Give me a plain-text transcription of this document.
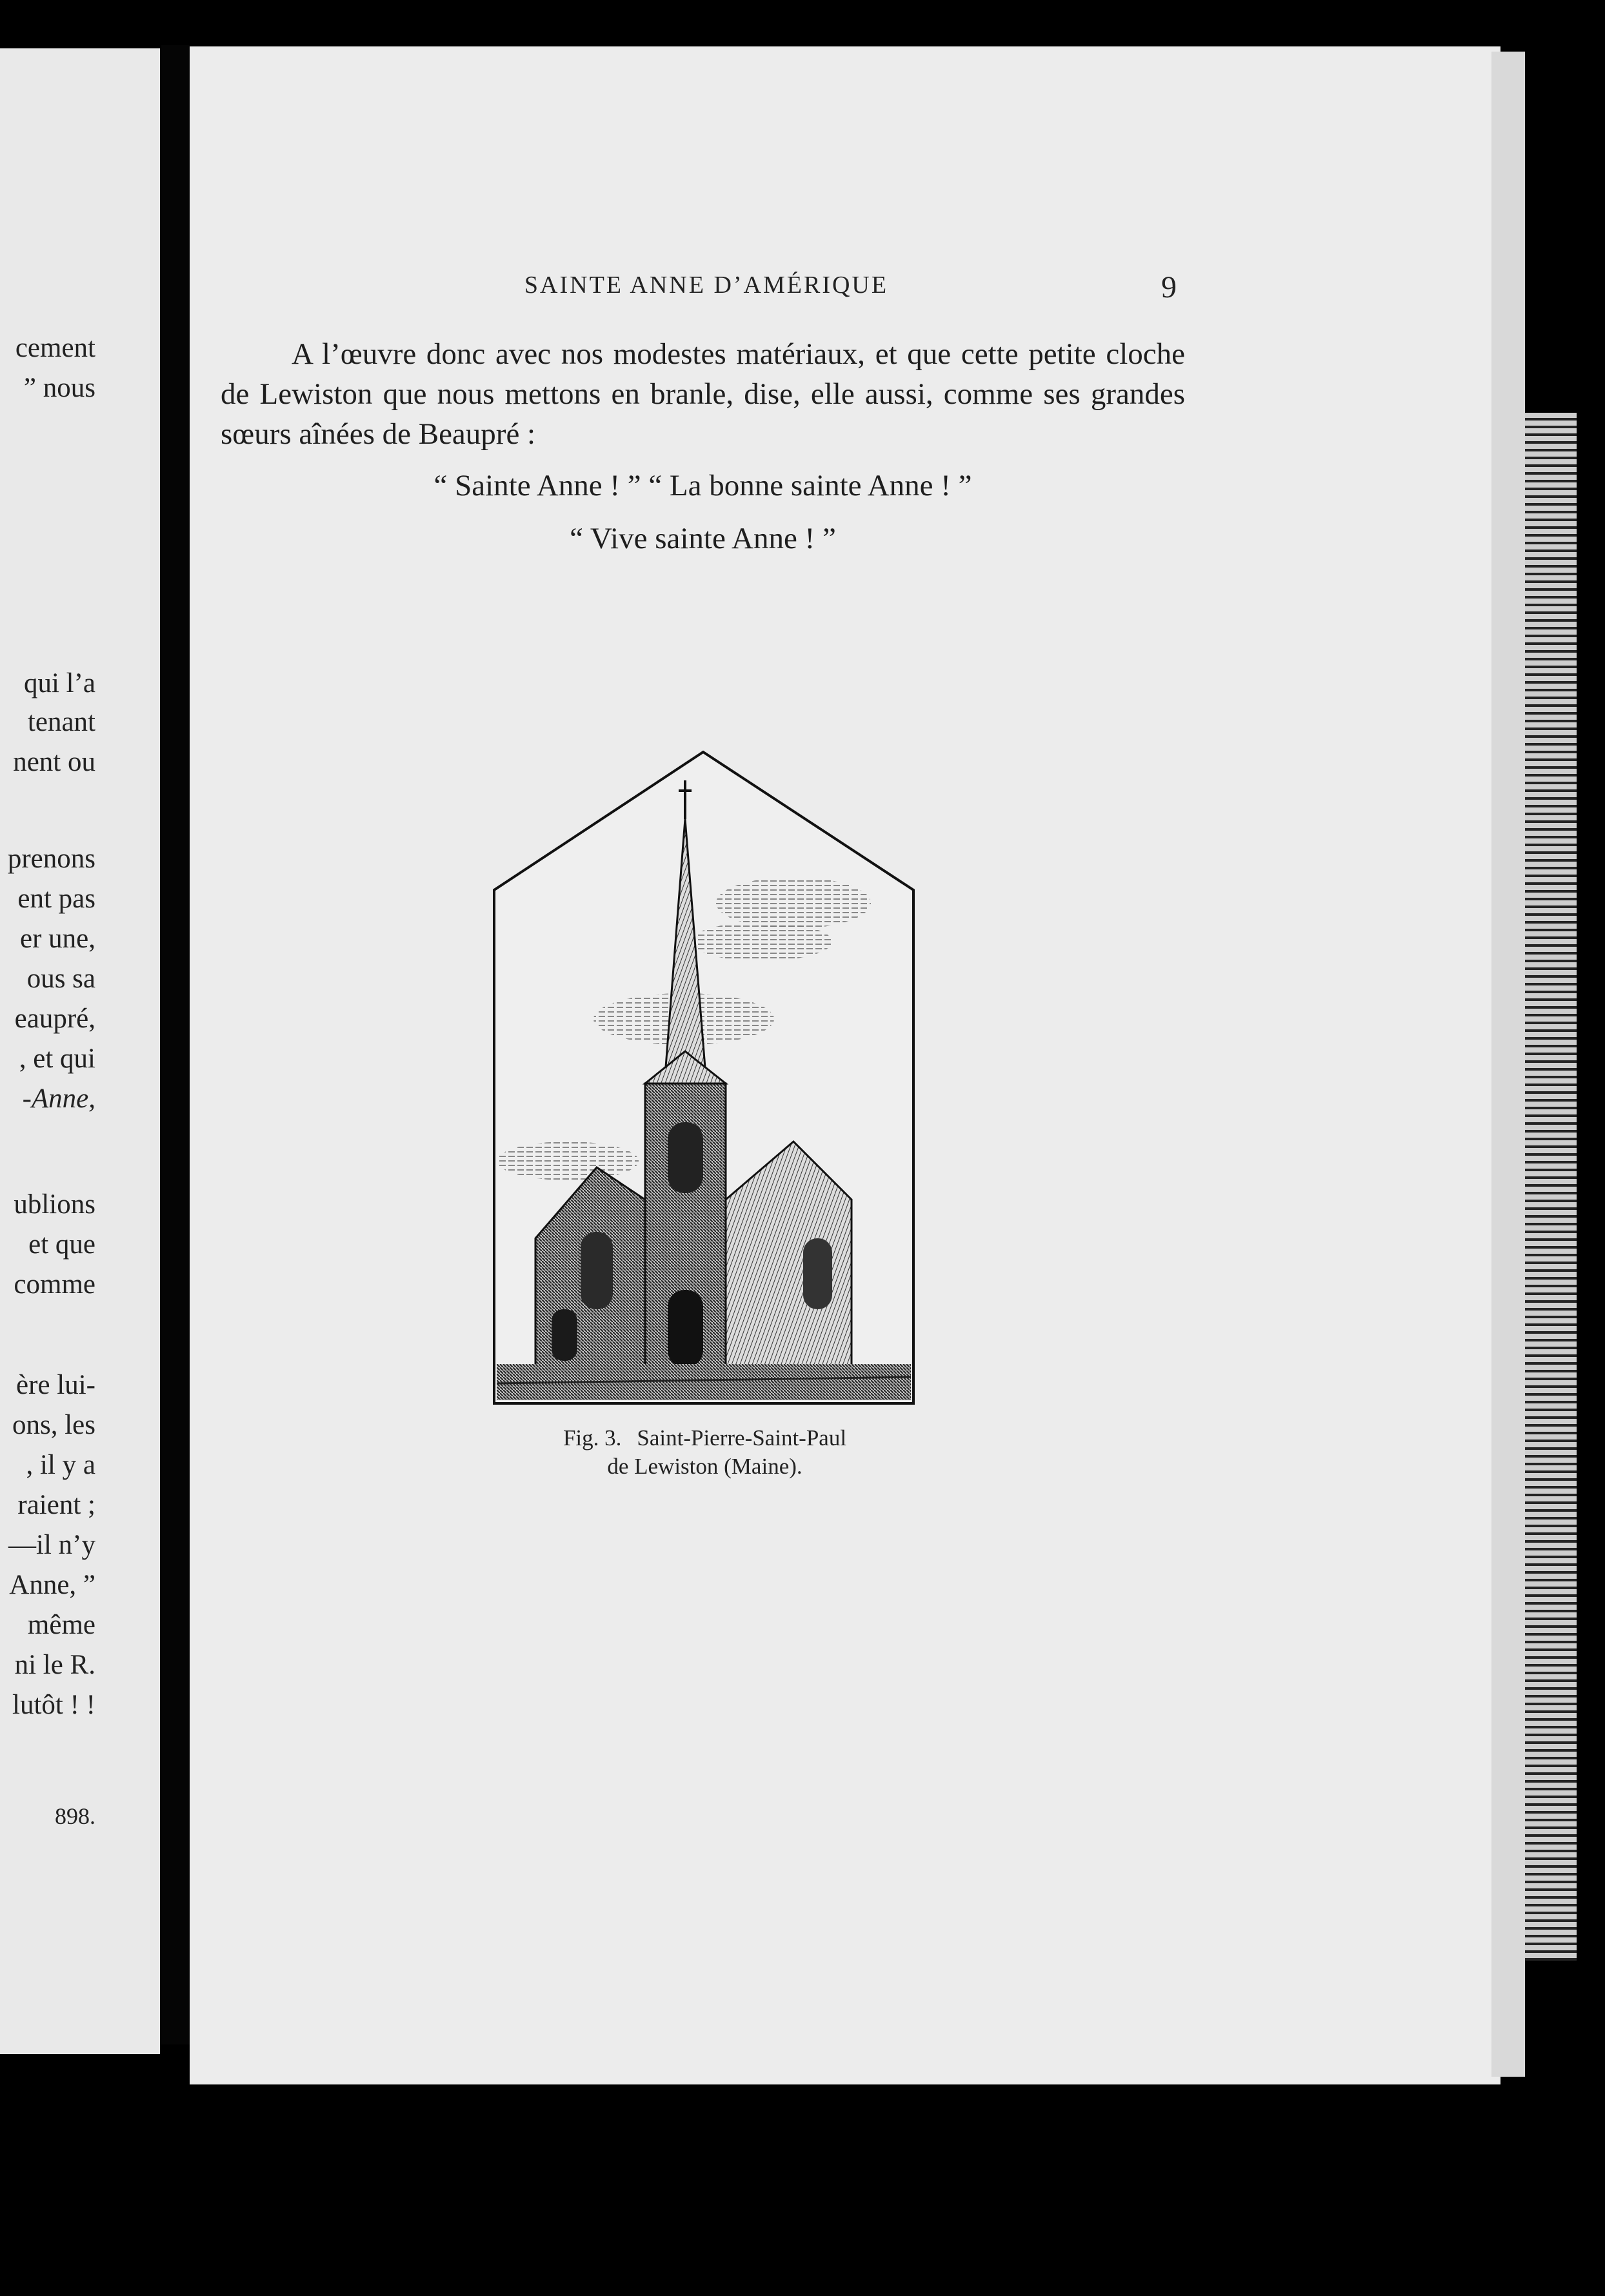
cement
” nous
qui l’a
tenant
nent ou
prenons
ent pas
er une,
ous sa
eaupré,
, et qui
-Anne,
ublions
et que
comme
ère lui-
ons, les
, il y a
raient ;
—il n’y
Anne, ”
même
ni le R.
lutôt ! !
898.
SAINTE ANNE D’AMÉRIQUE	9
A l’œuvre donc avec nos modestes matériaux, et que cette petite cloche de Lewiston que nous mettons en branle, dise, elle aussi, comme ses grandes sœurs aînées de Beaupré :
“ Sainte Anne ! ” “ La bonne sainte Anne ! ”
“ Vive sainte Anne ! ”
Fig. 3. Saint-Pierre-Saint-Paul
de Lewiston (Maine).
